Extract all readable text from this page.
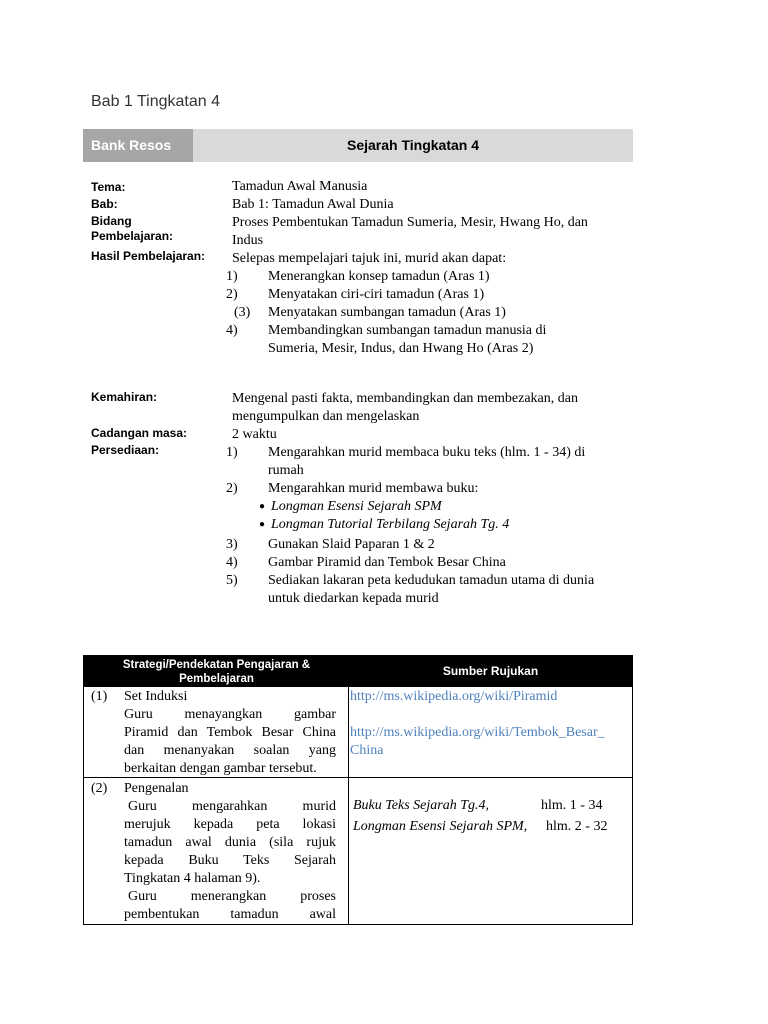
Bab 1 Tingkatan 4
Bank Resos	Sejarah Tingkatan 4
Tema:
Bab:
Bidang
Pembelajaran:
Hasil Pembelajaran:
Kemahiran:
Cadangan masa:
Persediaan:
Tamadun Awal Manusia
Bab 1: Tamadun Awal Dunia
Proses Pembentukan Tamadun Sumeria, Mesir, Hwang Ho, dan
Indus
Selepas mempelajari tajuk ini, murid akan dapat:
1) Menerangkan konsep tamadun (Aras 1)
2) Menyatakan ciri-ciri tamadun (Aras 1)
(3) Menyatakan sumbangan tamadun (Aras 1)
4) Membandingkan sumbangan tamadun manusia di
Sumeria, Mesir, Indus, dan Hwang Ho (Aras 2)
Mengenal pasti fakta, membandingkan dan membezakan, dan
mengumpulkan dan mengelaskan
2 waktu
1) Mengarahkan murid membaca buku teks (hlm. 1 - 34) di
rumah
2) Mengarahkan murid membawa buku:
● Longman Esensi Sejarah SPM
● Longman Tutorial Terbilang Sejarah Tg. 4
3) Gunakan Slaid Paparan 1 & 2
4) Gambar Piramid dan Tembok Besar China
5) Sediakan lakaran peta kedudukan tamadun utama di dunia
untuk diedarkan kepada murid
Strategi/Pendekatan Pengajaran &
Pembelajaran
Sumber Rujukan
(1) Set Induksi
Guru menayangkan gambar
Piramid dan Tembok Besar China
dan menanyakan soalan yang
berkaitan dengan gambar tersebut.
http://ms.wikipedia.org/wiki/Piramid
http://ms.wikipedia.org/wiki/Tembok_Besar_
China
(2) Pengenalan
Guru mengarahkan murid
merujuk kepada peta lokasi
tamadun awal dunia (sila rujuk
kepada Buku Teks Sejarah
Tingkatan 4 halaman 9).
Guru menerangkan proses
pembentukan tamadun awal
Buku Teks Sejarah Tg.4,	hlm. 1 - 34
Longman Esensi Sejarah SPM, hlm. 2 - 32
